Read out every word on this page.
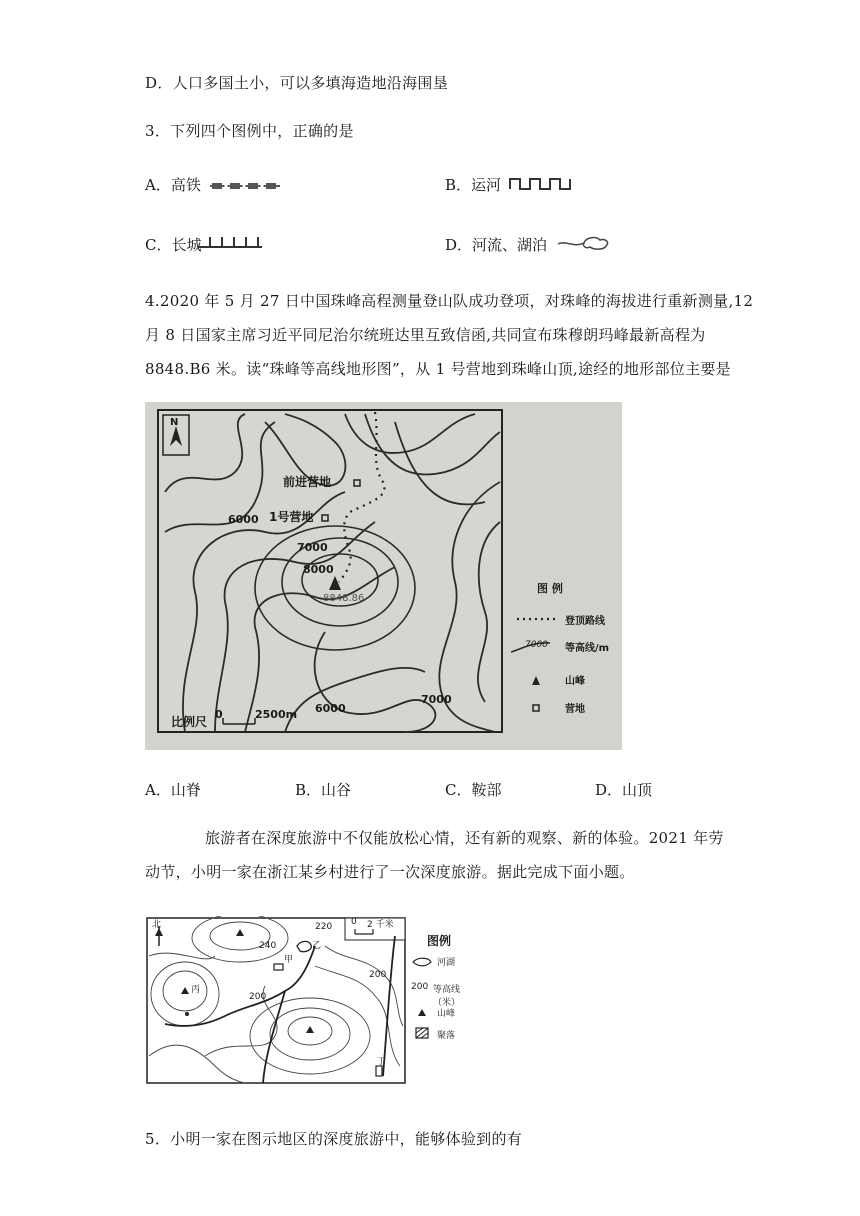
D．人口多国土小，可以多填海造地沿海围垦
3．下列四个图例中，正确的是
A．高铁	B．运河
C．长城	D．河流、湖泊
4.2020 年 5 月 27 日中国珠峰高程测量登山队成功登项，对珠峰的海拔进行重新测量,12
月 8 日国家主席习近平同尼治尔统班达里互致信函,共同宣布珠穆朗玛峰最新高程为
8848.B6 米。读“珠峰等高线地形图”，从 1 号营地到珠峰山顶,途经的地形部位主要是
N
前进营地
1号营地
6000
7000
8000
8848.86
6000
7000
比例尺
0	2500m
图 例
登顶路线
7000 等高线/m
山峰
营地
A．山脊	B．山谷	C．鞍部	D．山顶
旅游者在深度旅游中不仅能放松心情，还有新的观察、新的体验。2021 年劳
动节，小明一家在浙江某乡村进行了一次深度旅游。据此完成下面小题。
北	0 2 千米
220
240
200
200
乙
甲
丙
丁
图例
河湖
200 等高线（米）
山峰
聚落
5．小明一家在图示地区的深度旅游中，能够体验到的有
